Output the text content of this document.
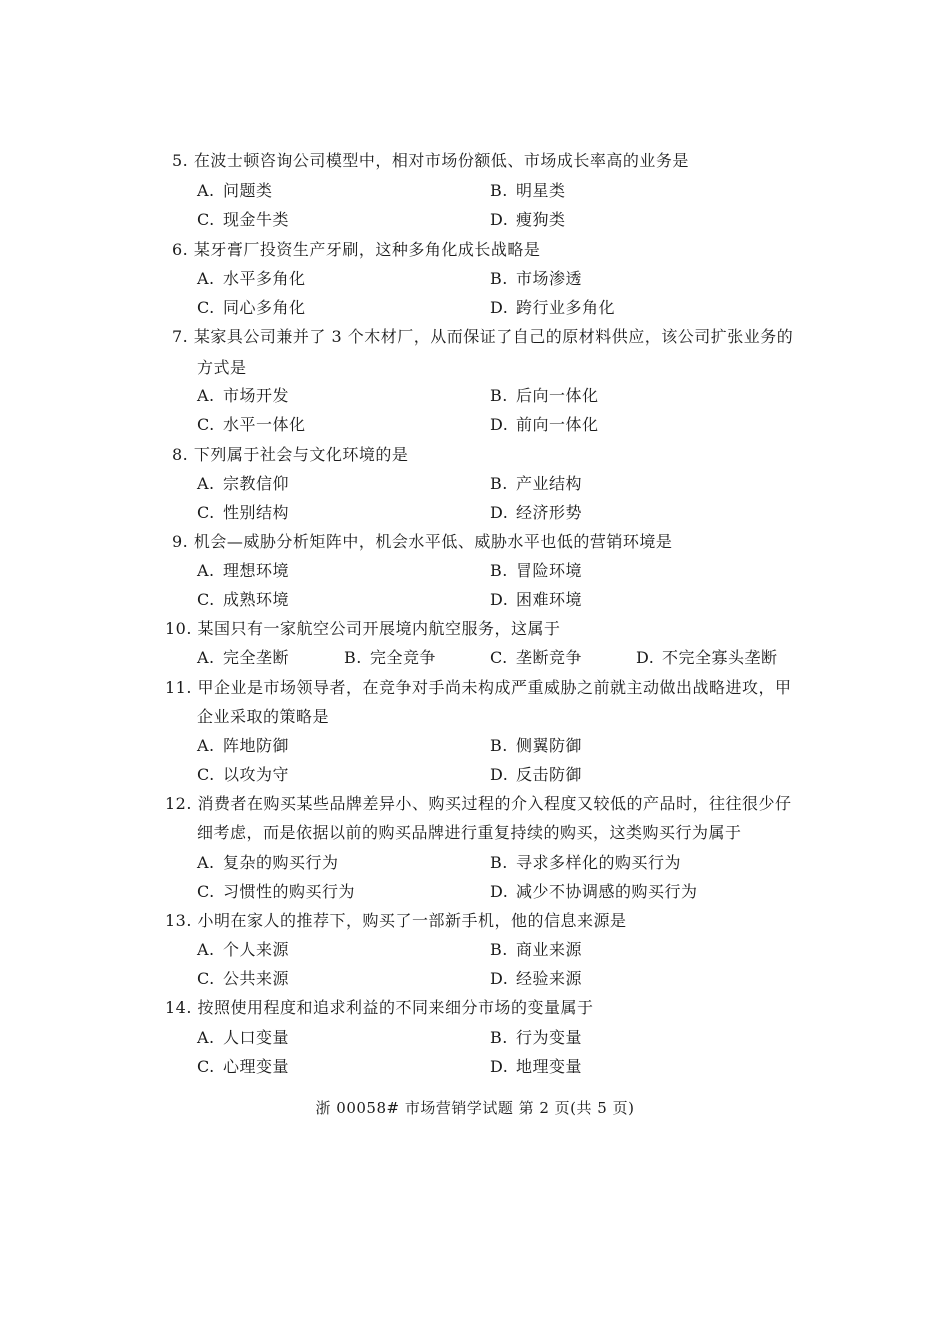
5. 在波士顿咨询公司模型中，相对市场份额低、市场成长率高的业务是
A. 问题类	B. 明星类
C. 现金牛类	D. 瘦狗类
6. 某牙膏厂投资生产牙刷，这种多角化成长战略是
A. 水平多角化	B. 市场渗透
C. 同心多角化	D. 跨行业多角化
7. 某家具公司兼并了 3 个木材厂，从而保证了自己的原材料供应，该公司扩张业务的
方式是
A. 市场开发	B. 后向一体化
C. 水平一体化	D. 前向一体化
8. 下列属于社会与文化环境的是
A. 宗教信仰	B. 产业结构
C. 性别结构	D. 经济形势
9. 机会—威胁分析矩阵中，机会水平低、威胁水平也低的营销环境是
A. 理想环境	B. 冒险环境
C. 成熟环境	D. 困难环境
10. 某国只有一家航空公司开展境内航空服务，这属于
A. 完全垄断	B. 完全竞争	C. 垄断竞争	D. 不完全寡头垄断
11. 甲企业是市场领导者，在竞争对手尚未构成严重威胁之前就主动做出战略进攻，甲
企业采取的策略是
A. 阵地防御	B. 侧翼防御
C. 以攻为守	D. 反击防御
12. 消费者在购买某些品牌差异小、购买过程的介入程度又较低的产品时，往往很少仔
细考虑，而是依据以前的购买品牌进行重复持续的购买，这类购买行为属于
A. 复杂的购买行为	B. 寻求多样化的购买行为
C. 习惯性的购买行为	D. 减少不协调感的购买行为
13. 小明在家人的推荐下，购买了一部新手机，他的信息来源是
A. 个人来源	B. 商业来源
C. 公共来源	D. 经验来源
14. 按照使用程度和追求利益的不同来细分市场的变量属于
A. 人口变量	B. 行为变量
C. 心理变量	D. 地理变量
浙 00058# 市场营销学试题 第 2 页(共 5 页)
